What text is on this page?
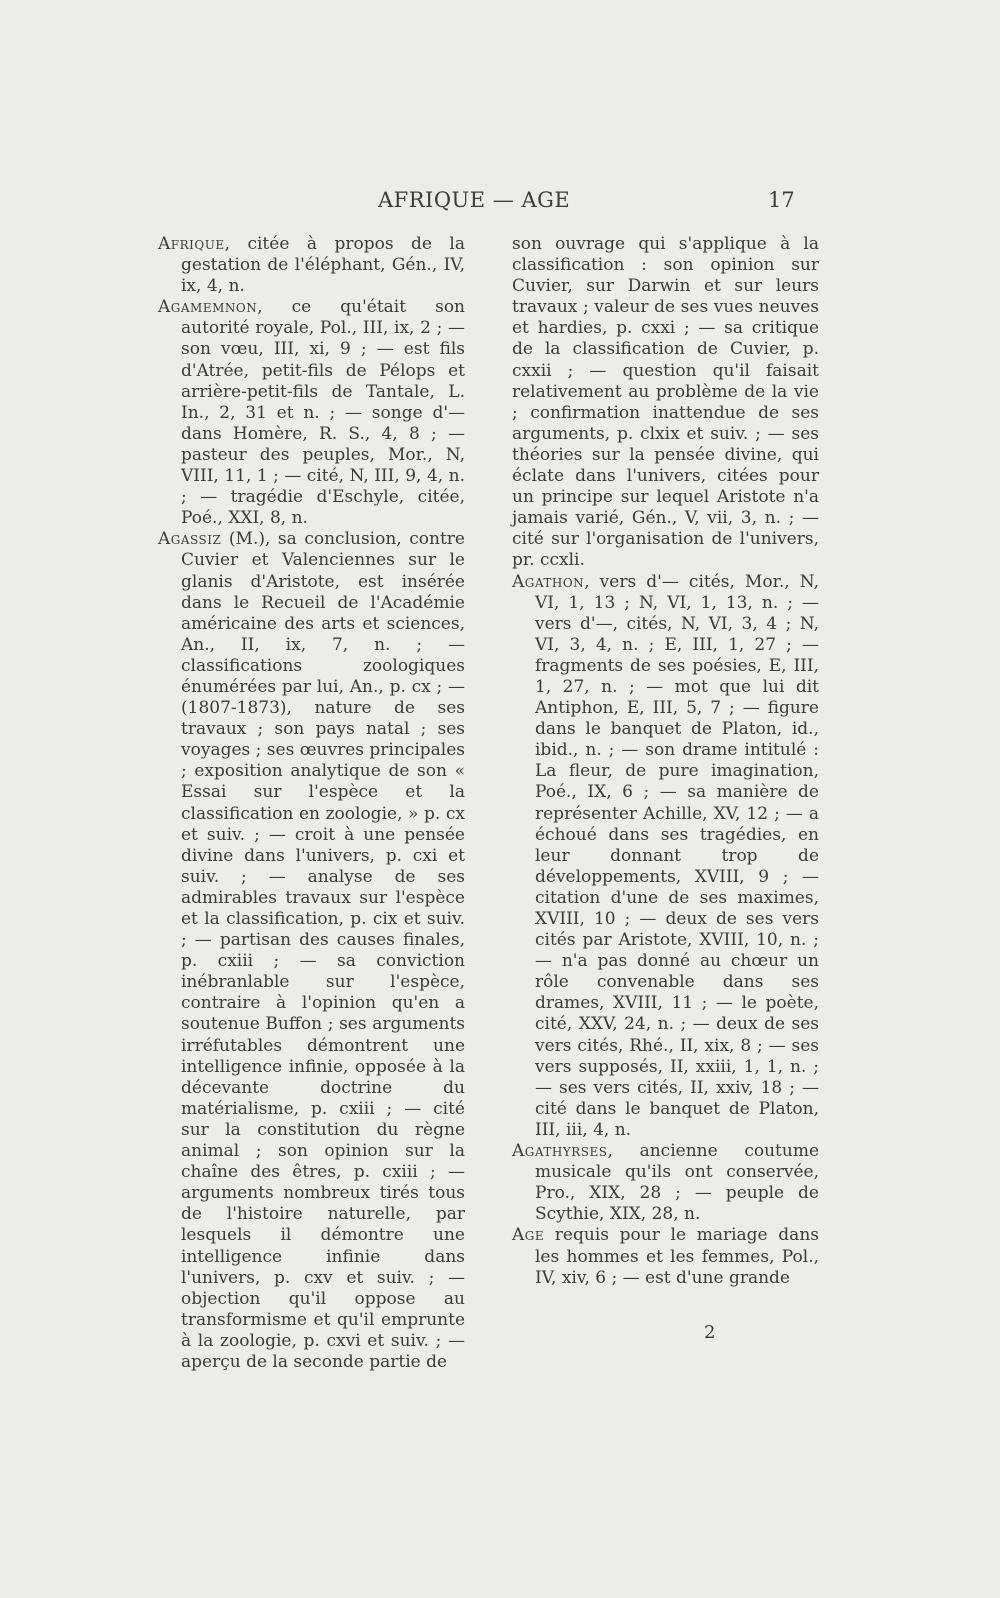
AFRIQUE — AGE	17

Afrique, citée à propos de la gestation de l'éléphant, Gén., IV, ix, 4, n.

Agamemnon, ce qu'était son autorité royale, Pol., III, ix, 2 ; — son vœu, III, xi, 9 ; — est fils d'Atrée, petit-fils de Pélops et arrière-petit-fils de Tantale, L. In., 2, 31 et n. ; — songe d'— dans Homère, R. S., 4, 8 ; — pasteur des peuples, Mor., N, VIII, 11, 1 ; — cité, N, III, 9, 4, n. ; — tragédie d'Eschyle, citée, Poé., XXI, 8, n.

Agassiz (M.), sa conclusion, contre Cuvier et Valenciennes sur le glanis d'Aristote, est insérée dans le Recueil de l'Académie américaine des arts et sciences, An., II, ix, 7, n. ; — classifications zoologiques énumérées par lui, An., p. cx ; — (1807-1873), nature de ses travaux ; son pays natal ; ses voyages ; ses œuvres principales ; exposition analytique de son « Essai sur l'espèce et la classification en zoologie, » p. cx et suiv. ; — croit à une pensée divine dans l'univers, p. cxi et suiv. ; — analyse de ses admirables travaux sur l'espèce et la classification, p. cix et suiv. ; — partisan des causes finales, p. cxiii ; — sa conviction inébranlable sur l'espèce, contraire à l'opinion qu'en a soutenue Buffon ; ses arguments irréfutables démontrent une intelligence infinie, opposée à la décevante doctrine du matérialisme, p. cxiii ; — cité sur la constitution du règne animal ; son opinion sur la chaîne des êtres, p. cxiii ; — arguments nombreux tirés tous de l'histoire naturelle, par lesquels il démontre une intelligence infinie dans l'univers, p. cxv et suiv. ; — objection qu'il oppose au transformisme et qu'il emprunte à la zoologie, p. cxvi et suiv. ; — aperçu de la seconde partie de

son ouvrage qui s'applique à la classification : son opinion sur Cuvier, sur Darwin et sur leurs travaux ; valeur de ses vues neuves et hardies, p. cxxi ; — sa critique de la classification de Cuvier, p. cxxii ; — question qu'il faisait relativement au problème de la vie ; confirmation inattendue de ses arguments, p. clxix et suiv. ; — ses théories sur la pensée divine, qui éclate dans l'univers, citées pour un principe sur lequel Aristote n'a jamais varié, Gén., V, vii, 3, n. ; — cité sur l'organisation de l'univers, pr. ccxli.

Agathon, vers d'— cités, Mor., N, VI, 1, 13 ; N, VI, 1, 13, n. ; — vers d'—, cités, N, VI, 3, 4 ; N, VI, 3, 4, n. ; E, III, 1, 27 ; — fragments de ses poésies, E, III, 1, 27, n. ; — mot que lui dit Antiphon, E, III, 5, 7 ; — figure dans le banquet de Platon, id., ibid., n. ; — son drame intitulé : La fleur, de pure imagination, Poé., IX, 6 ; — sa manière de représenter Achille, XV, 12 ; — a échoué dans ses tragédies, en leur donnant trop de développements, XVIII, 9 ; — citation d'une de ses maximes, XVIII, 10 ; — deux de ses vers cités par Aristote, XVIII, 10, n. ; — n'a pas donné au chœur un rôle convenable dans ses drames, XVIII, 11 ; — le poète, cité, XXV, 24, n. ; — deux de ses vers cités, Rhé., II, xix, 8 ; — ses vers supposés, II, xxiii, 1, 1, n. ; — ses vers cités, II, xxiv, 18 ; — cité dans le banquet de Platon, III, iii, 4, n.

Agathyrses, ancienne coutume musicale qu'ils ont conservée, Pro., XIX, 28 ; — peuple de Scythie, XIX, 28, n.

Age requis pour le mariage dans les hommes et les femmes, Pol., IV, xiv, 6 ; — est d'une grande

2
